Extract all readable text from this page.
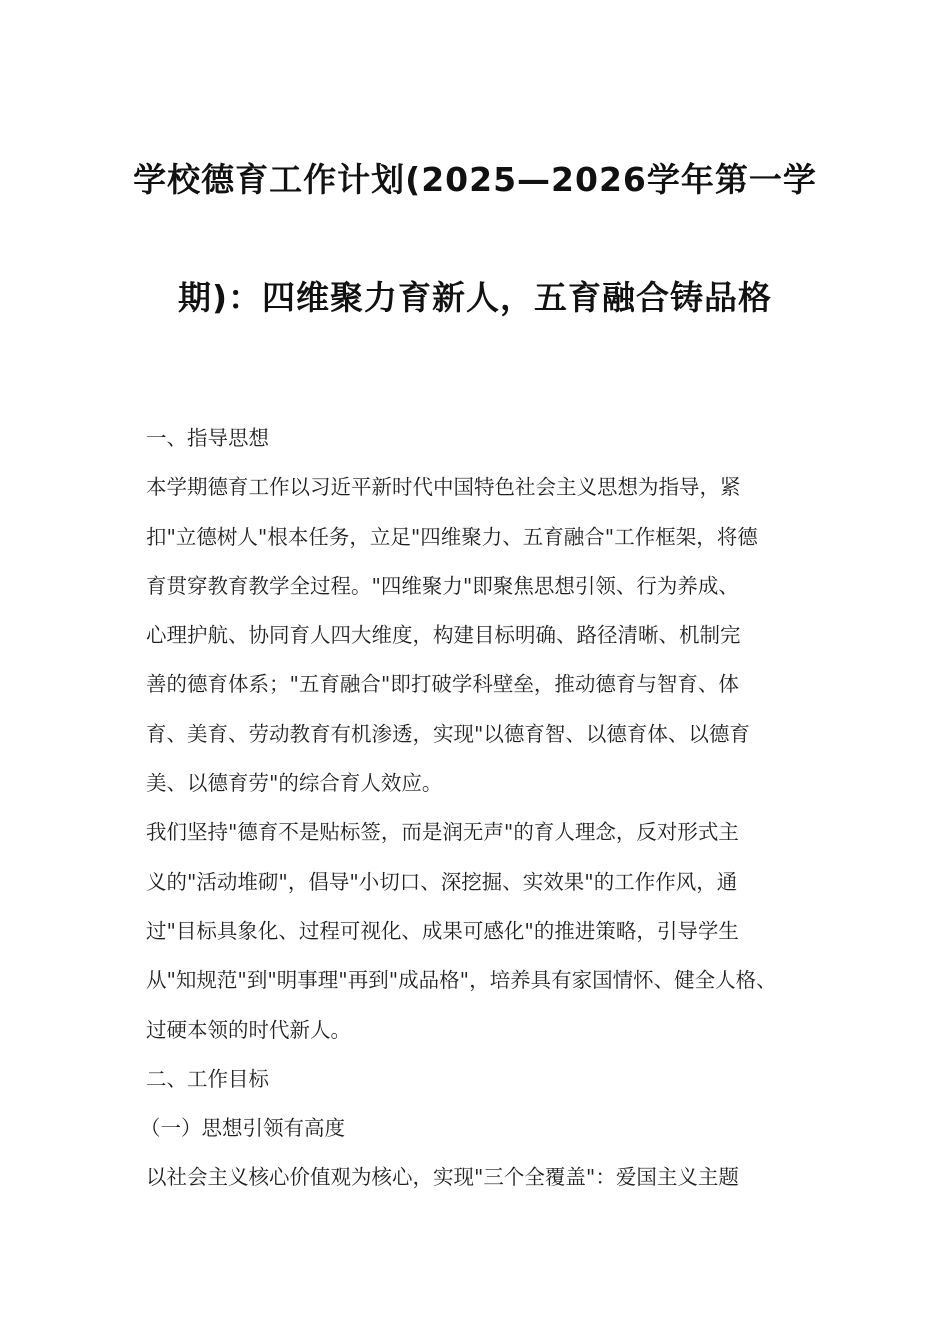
学校德育工作计划(2025—2026学年第一学
期)：四维聚力育新人，五育融合铸品格

一、指导思想

本学期德育工作以习近平新时代中国特色社会主义思想为指导，紧

扣"立德树人"根本任务，立足"四维聚力、五育融合"工作框架，将德

育贯穿教育教学全过程。"四维聚力"即聚焦思想引领、行为养成、

心理护航、协同育人四大维度，构建目标明确、路径清晰、机制完

善的德育体系；"五育融合"即打破学科壁垒，推动德育与智育、体

育、美育、劳动教育有机渗透，实现"以德育智、以德育体、以德育

美、以德育劳"的综合育人效应。

我们坚持"德育不是贴标签，而是润无声"的育人理念，反对形式主

义的"活动堆砌"，倡导"小切口、深挖掘、实效果"的工作作风，通

过"目标具象化、过程可视化、成果可感化"的推进策略，引导学生

从"知规范"到"明事理"再到"成品格"，培养具有家国情怀、健全人格、

过硬本领的时代新人。

二、工作目标

（一）思想引领有高度

以社会主义核心价值观为核心，实现"三个全覆盖"：爱国主义主题
